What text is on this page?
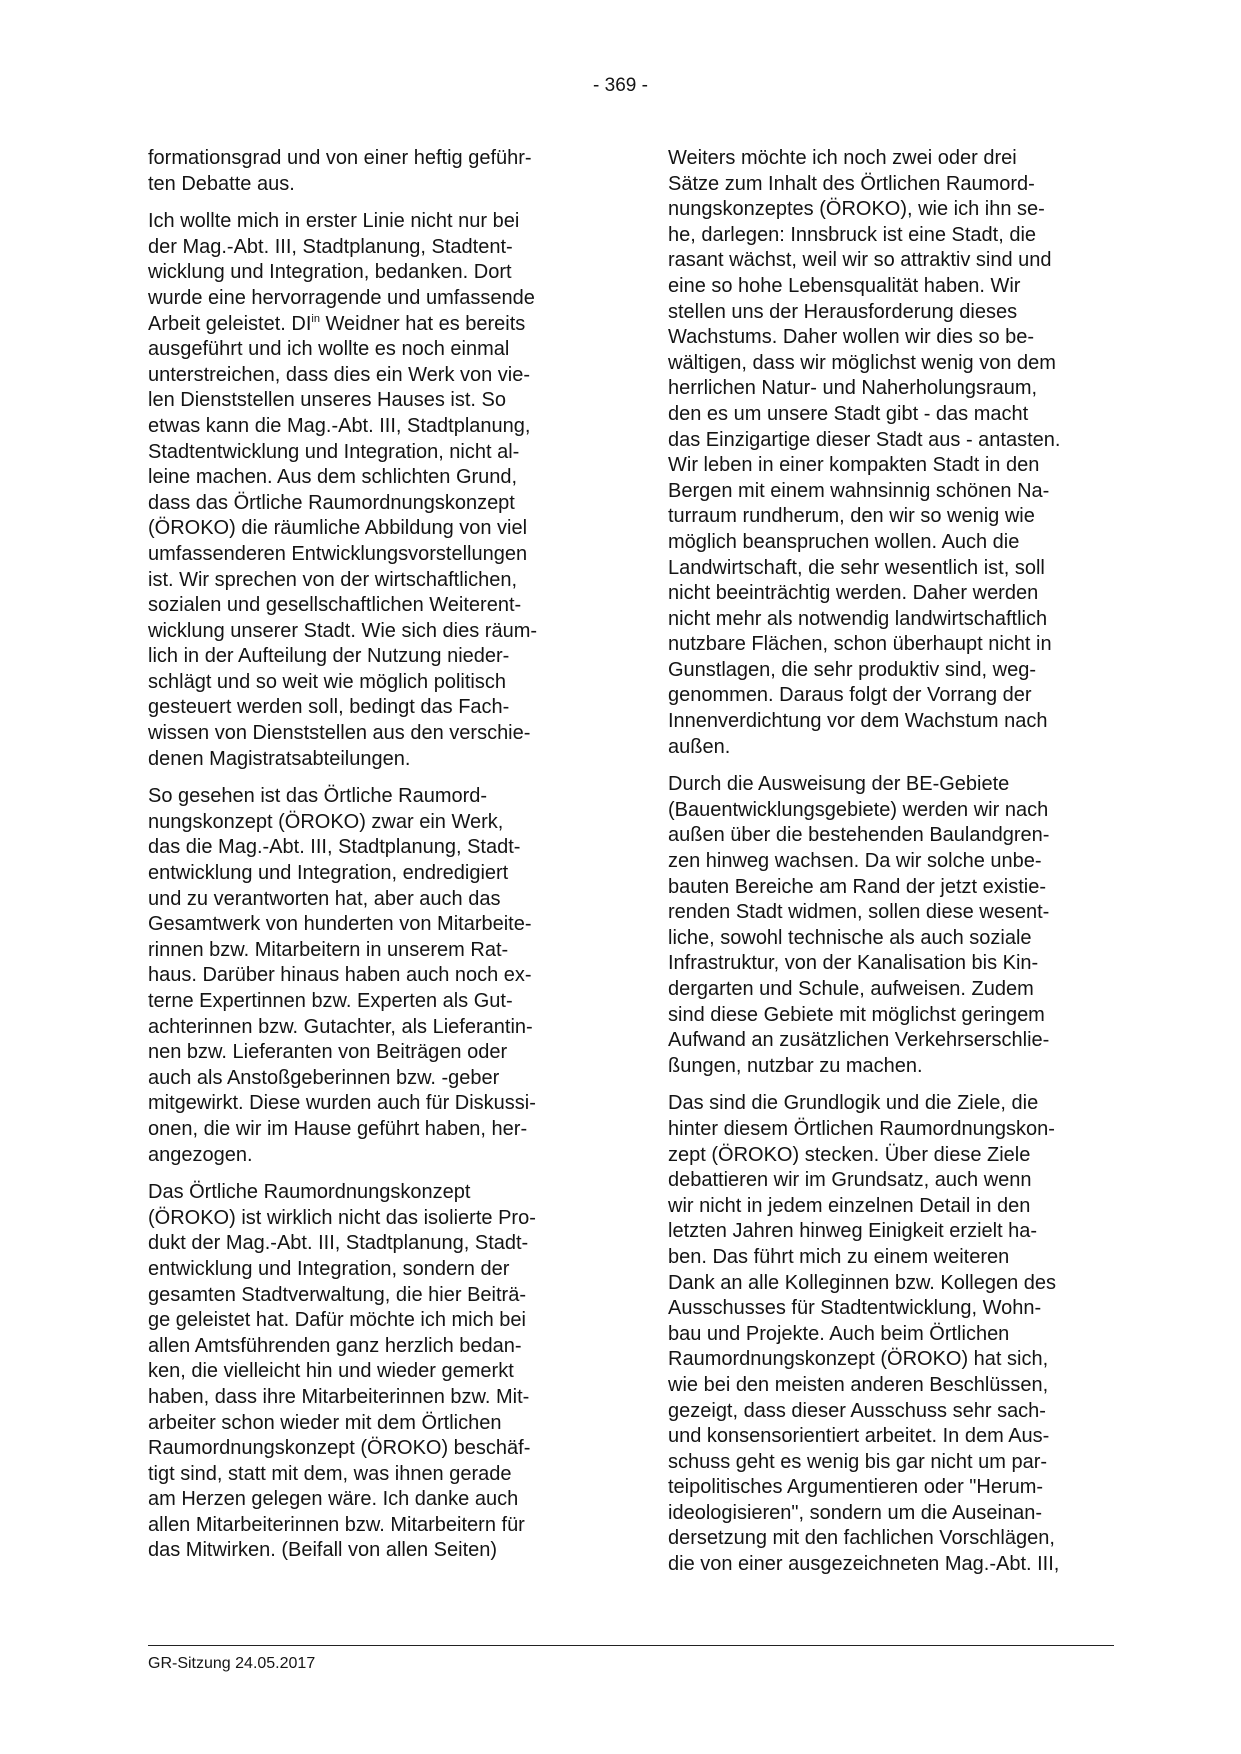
- 369 -

formationsgrad und von einer heftig geführ-
ten Debatte aus.

Ich wollte mich in erster Linie nicht nur bei
der Mag.-Abt. III, Stadtplanung, Stadtent-
wicklung und Integration, bedanken. Dort
wurde eine hervorragende und umfassende
Arbeit geleistet. $DI^{in}$ Weidner hat es bereits
ausgeführt und ich wollte es noch einmal
unterstreichen, dass dies ein Werk von vie-
len Dienststellen unseres Hauses ist. So
etwas kann die Mag.-Abt. III, Stadtplanung,
Stadtentwicklung und Integration, nicht al-
leine machen. Aus dem schlichten Grund,
dass das Örtliche Raumordnungskonzept
(ÖROKO) die räumliche Abbildung von viel
umfassenderen Entwicklungsvorstellungen
ist. Wir sprechen von der wirtschaftlichen,
sozialen und gesellschaftlichen Weiterent-
wicklung unserer Stadt. Wie sich dies räum-
lich in der Aufteilung der Nutzung nieder-
schlägt und so weit wie möglich politisch
gesteuert werden soll, bedingt das Fach-
wissen von Dienststellen aus den verschie-
denen Magistratsabteilungen.

So gesehen ist das Örtliche Raumord-
nungskonzept (ÖROKO) zwar ein Werk,
das die Mag.-Abt. III, Stadtplanung, Stadt-
entwicklung und Integration, endredigiert
und zu verantworten hat, aber auch das
Gesamtwerk von hunderten von Mitarbeite-
rinnen bzw. Mitarbeitern in unserem Rat-
haus. Darüber hinaus haben auch noch ex-
terne Expertinnen bzw. Experten als Gut-
achterinnen bzw. Gutachter, als Lieferantin-
nen bzw. Lieferanten von Beiträgen oder
auch als Anstoßgeberinnen bzw. -geber
mitgewirkt. Diese wurden auch für Diskussi-
onen, die wir im Hause geführt haben, her-
angezogen.

Das Örtliche Raumordnungskonzept
(ÖROKO) ist wirklich nicht das isolierte Pro-
dukt der Mag.-Abt. III, Stadtplanung, Stadt-
entwicklung und Integration, sondern der
gesamten Stadtverwaltung, die hier Beiträ-
ge geleistet hat. Dafür möchte ich mich bei
allen Amtsführenden ganz herzlich bedan-
ken, die vielleicht hin und wieder gemerkt
haben, dass ihre Mitarbeiterinnen bzw. Mit-
arbeiter schon wieder mit dem Örtlichen
Raumordnungskonzept (ÖROKO) beschäf-
tigt sind, statt mit dem, was ihnen gerade
am Herzen gelegen wäre. Ich danke auch
allen Mitarbeiterinnen bzw. Mitarbeitern für
das Mitwirken. (Beifall von allen Seiten)

Weiters möchte ich noch zwei oder drei
Sätze zum Inhalt des Örtlichen Raumord-
nungskonzeptes (ÖROKO), wie ich ihn se-
he, darlegen: Innsbruck ist eine Stadt, die
rasant wächst, weil wir so attraktiv sind und
eine so hohe Lebensqualität haben. Wir
stellen uns der Herausforderung dieses
Wachstums. Daher wollen wir dies so be-
wältigen, dass wir möglichst wenig von dem
herrlichen Natur- und Naherholungsraum,
den es um unsere Stadt gibt - das macht
das Einzigartige dieser Stadt aus - antasten.
Wir leben in einer kompakten Stadt in den
Bergen mit einem wahnsinnig schönen Na-
turraum rundherum, den wir so wenig wie
möglich beanspruchen wollen. Auch die
Landwirtschaft, die sehr wesentlich ist, soll
nicht beeinträchtig werden. Daher werden
nicht mehr als notwendig landwirtschaftlich
nutzbare Flächen, schon überhaupt nicht in
Gunstlagen, die sehr produktiv sind, weg-
genommen. Daraus folgt der Vorrang der
Innenverdichtung vor dem Wachstum nach
außen.

Durch die Ausweisung der BE-Gebiete
(Bauentwicklungsgebiete) werden wir nach
außen über die bestehenden Baulandgren-
zen hinweg wachsen. Da wir solche unbe-
bauten Bereiche am Rand der jetzt existie-
renden Stadt widmen, sollen diese wesent-
liche, sowohl technische als auch soziale
Infrastruktur, von der Kanalisation bis Kin-
dergarten und Schule, aufweisen. Zudem
sind diese Gebiete mit möglichst geringem
Aufwand an zusätzlichen Verkehrserschlie-
ßungen, nutzbar zu machen.

Das sind die Grundlogik und die Ziele, die
hinter diesem Örtlichen Raumordnungskon-
zept (ÖROKO) stecken. Über diese Ziele
debattieren wir im Grundsatz, auch wenn
wir nicht in jedem einzelnen Detail in den
letzten Jahren hinweg Einigkeit erzielt ha-
ben. Das führt mich zu einem weiteren
Dank an alle Kolleginnen bzw. Kollegen des
Ausschusses für Stadtentwicklung, Wohn-
bau und Projekte. Auch beim Örtlichen
Raumordnungskonzept (ÖROKO) hat sich,
wie bei den meisten anderen Beschlüssen,
gezeigt, dass dieser Ausschuss sehr sach-
und konsensorientiert arbeitet. In dem Aus-
schuss geht es wenig bis gar nicht um par-
teipolitisches Argumentieren oder "Herum-
ideologisieren", sondern um die Auseinan-
dersetzung mit den fachlichen Vorschlägen,
die von einer ausgezeichneten Mag.-Abt. III,

GR-Sitzung 24.05.2017
